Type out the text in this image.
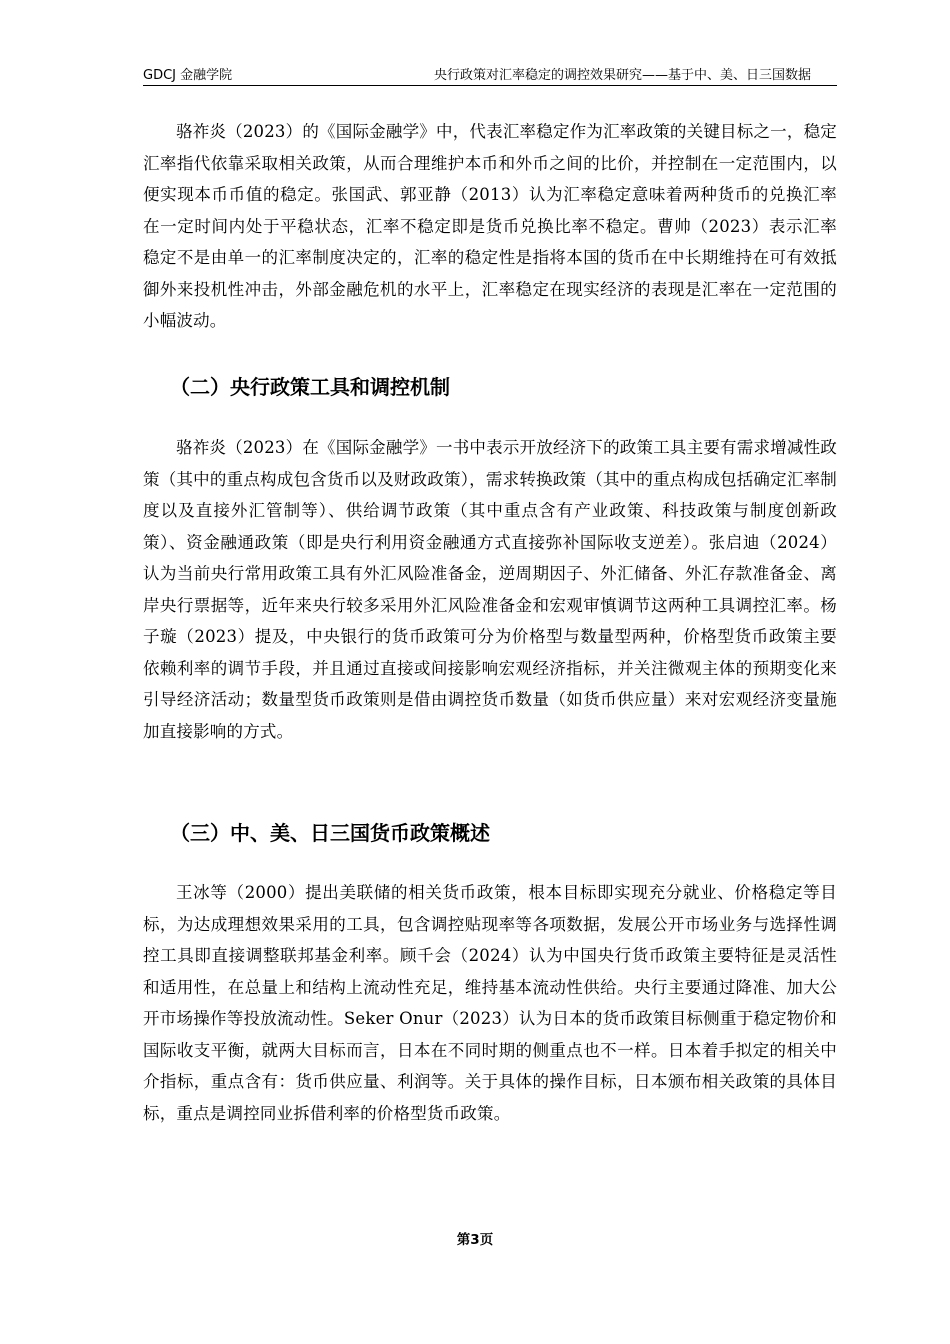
GDCJ 金融学院	央行政策对汇率稳定的调控效果研究——基于中、美、日三国数据

骆祚炎（2023）的《国际金融学》中，代表汇率稳定作为汇率政策的关键目标之一，稳定汇率指代依靠采取相关政策，从而合理维护本币和外币之间的比价，并控制在一定范围内，以便实现本币币值的稳定。张国武、郭亚静（2013）认为汇率稳定意味着两种货币的兑换汇率在一定时间内处于平稳状态，汇率不稳定即是货币兑换比率不稳定。曹帅（2023）表示汇率稳定不是由单一的汇率制度决定的，汇率的稳定性是指将本国的货币在中长期维持在可有效抵御外来投机性冲击，外部金融危机的水平上，汇率稳定在现实经济的表现是汇率在一定范围的小幅波动。

（二）央行政策工具和调控机制

骆祚炎（2023）在《国际金融学》一书中表示开放经济下的政策工具主要有需求增减性政策（其中的重点构成包含货币以及财政政策），需求转换政策（其中的重点构成包括确定汇率制度以及直接外汇管制等）、供给调节政策（其中重点含有产业政策、科技政策与制度创新政策）、资金融通政策（即是央行利用资金融通方式直接弥补国际收支逆差）。张启迪（2024）认为当前央行常用政策工具有外汇风险准备金，逆周期因子、外汇储备、外汇存款准备金、离岸央行票据等，近年来央行较多采用外汇风险准备金和宏观审慎调节这两种工具调控汇率。杨子璇（2023）提及，中央银行的货币政策可分为价格型与数量型两种，价格型货币政策主要依赖利率的调节手段，并且通过直接或间接影响宏观经济指标，并关注微观主体的预期变化来引导经济活动；数量型货币政策则是借由调控货币数量（如货币供应量）来对宏观经济变量施加直接影响的方式。

（三）中、美、日三国货币政策概述

王冰等（2000）提出美联储的相关货币政策，根本目标即实现充分就业、价格稳定等目标，为达成理想效果采用的工具，包含调控贴现率等各项数据，发展公开市场业务与选择性调控工具即直接调整联邦基金利率。顾千会（2024）认为中国央行货币政策主要特征是灵活性和适用性，在总量上和结构上流动性充足，维持基本流动性供给。央行主要通过降准、加大公开市场操作等投放流动性。Seker Onur（2023）认为日本的货币政策目标侧重于稳定物价和国际收支平衡，就两大目标而言，日本在不同时期的侧重点也不一样。日本着手拟定的相关中介指标，重点含有：货币供应量、利润等。关于具体的操作目标，日本颁布相关政策的具体目标，重点是调控同业拆借利率的价格型货币政策。

第3页
